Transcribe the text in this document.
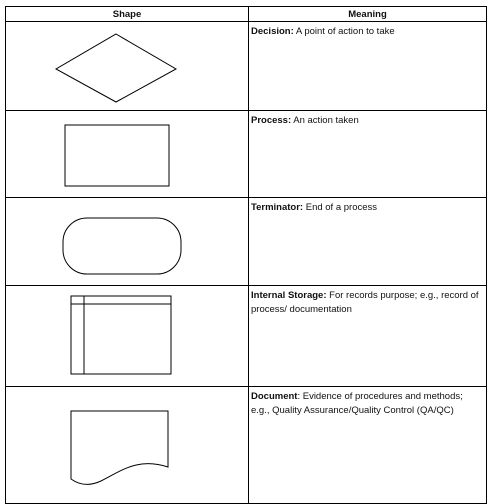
Shape	Meaning

	Decision: A point of action to take

	Process: An action taken

	Terminator: End of a process

	Internal Storage: For records purpose; e.g., record of process/ documentation

	Document: Evidence of procedures and methods; e.g., Quality Assurance/Quality Control (QA/QC)
